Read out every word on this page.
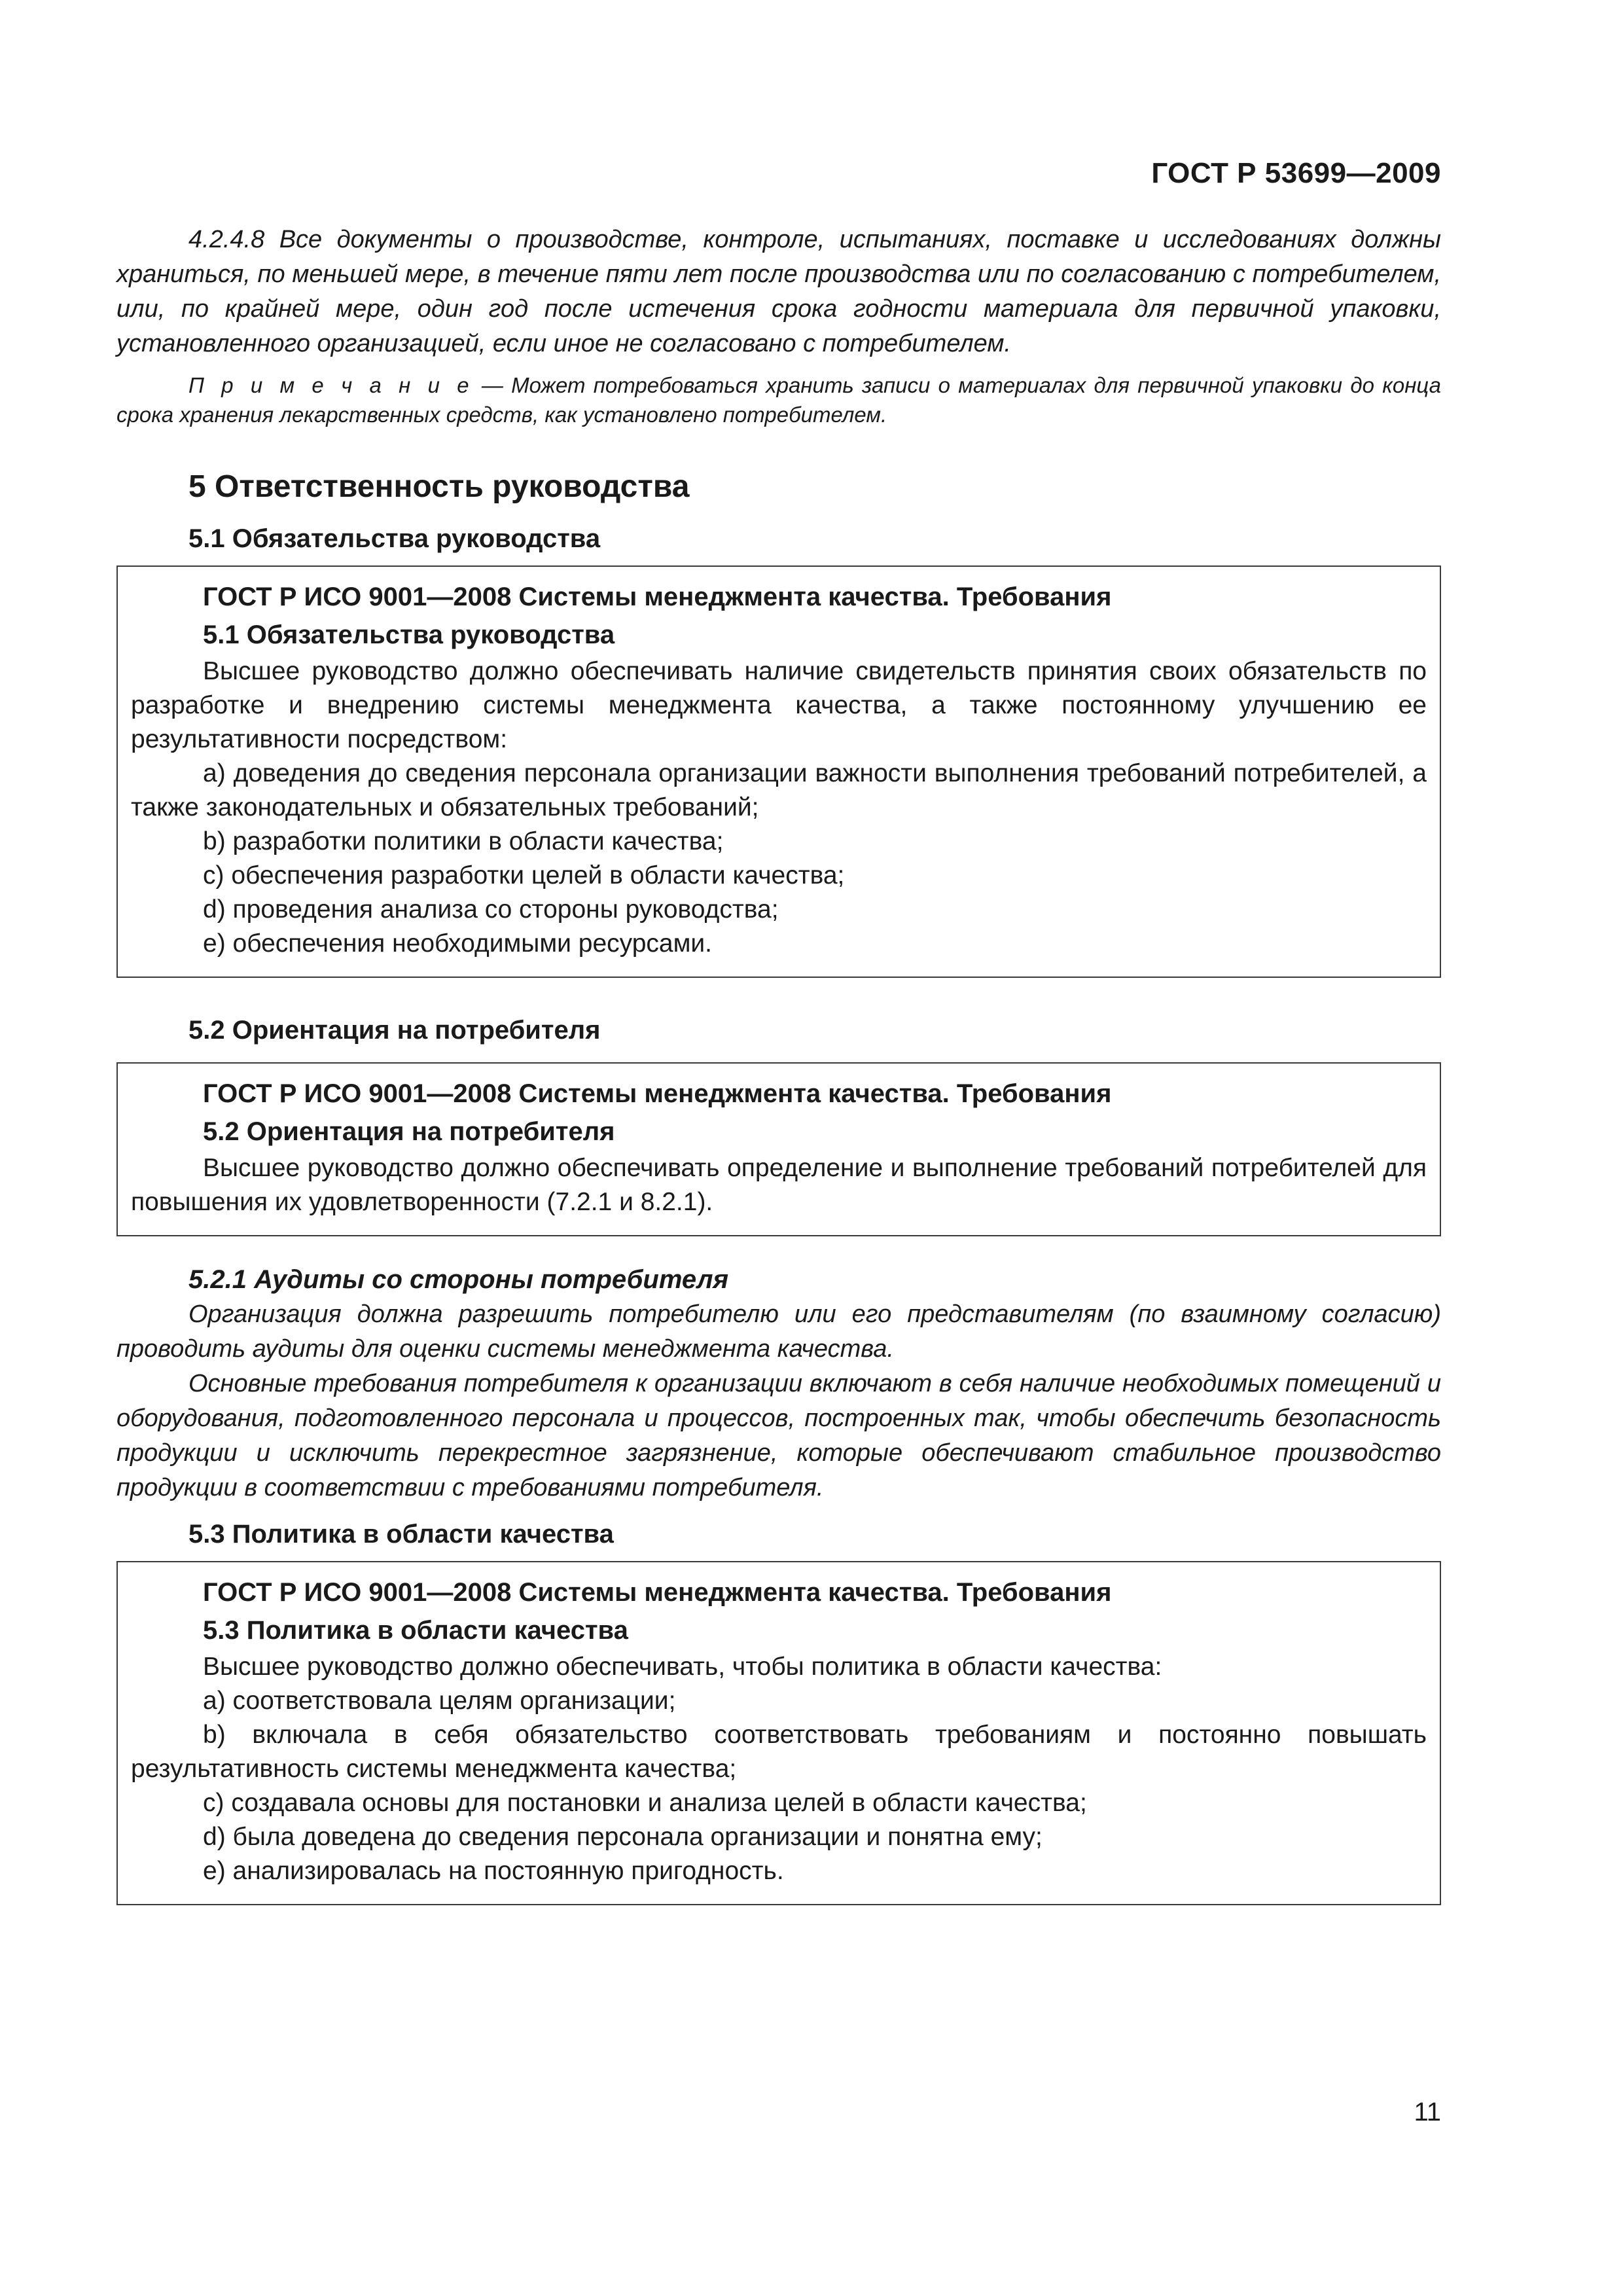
ГОСТ Р 53699—2009

4.2.4.8 Все документы о производстве, контроле, испытаниях, поставке и исследованиях должны храниться, по меньшей мере, в течение пяти лет после производства или по согласованию с потребителем, или, по крайней мере, один год после истечения срока годности материала для первичной упаковки, установленного организацией, если иное не согласовано с потребителем.

П р и м е ч а н и е — Может потребоваться хранить записи о материалах для первичной упаковки до конца срока хранения лекарственных средств, как установлено потребителем.

5 Ответственность руководства
5.1 Обязательства руководства
ГОСТ Р ИСО 9001—2008 Системы менеджмента качества. Требования
5.1 Обязательства руководства

Высшее руководство должно обеспечивать наличие свидетельств принятия своих обязательств по разработке и внедрению системы менеджмента качества, а также постоянному улучшению ее результативности посредством:

а) доведения до сведения персонала организации важности выполнения требований потребителей, а также законодательных и обязательных требований;

b) разработки политики в области качества;

c) обеспечения разработки целей в области качества;

d) проведения анализа со стороны руководства;

e) обеспечения необходимыми ресурсами.

5.2 Ориентация на потребителя
ГОСТ Р ИСО 9001—2008 Системы менеджмента качества. Требования
5.2 Ориентация на потребителя

Высшее руководство должно обеспечивать определение и выполнение требований потребителей для повышения их удовлетворенности (7.2.1 и 8.2.1).

5.2.1 Аудиты со стороны потребителя

Организация должна разрешить потребителю или его представителям (по взаимному согласию) проводить аудиты для оценки системы менеджмента качества.

Основные требования потребителя к организации включают в себя наличие необходимых помещений и оборудования, подготовленного персонала и процессов, построенных так, чтобы обеспечить безопасность продукции и исключить перекрестное загрязнение, которые обеспечивают стабильное производство продукции в соответствии с требованиями потребителя.

5.3 Политика в области качества
ГОСТ Р ИСО 9001—2008 Системы менеджмента качества. Требования
5.3 Политика в области качества

Высшее руководство должно обеспечивать, чтобы политика в области качества:

а) соответствовала целям организации;

b) включала в себя обязательство соответствовать требованиям и постоянно повышать результативность системы менеджмента качества;

c) создавала основы для постановки и анализа целей в области качества;

d) была доведена до сведения персонала организации и понятна ему;

e) анализировалась на постоянную пригодность.

11
